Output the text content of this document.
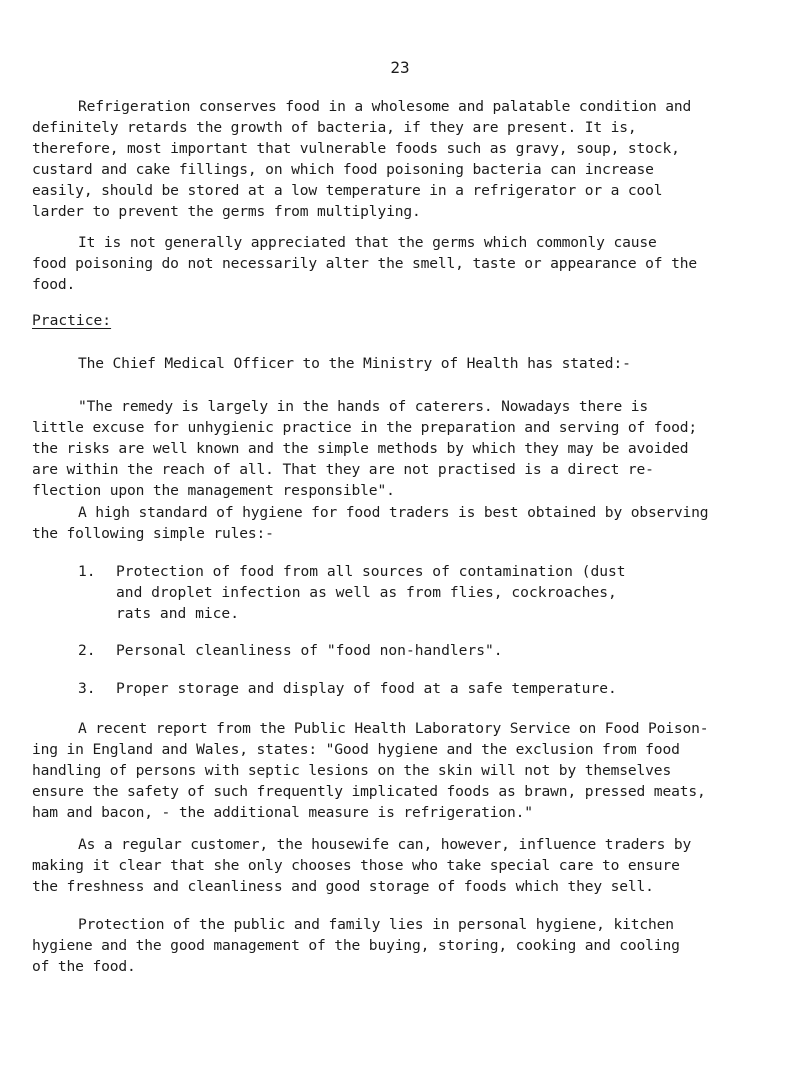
23
Refrigeration conserves food in a wholesome and palatable condition and
definitely retards the growth of bacteria, if they are present. It is,
therefore, most important that vulnerable foods such as gravy, soup, stock,
custard and cake fillings, on which food poisoning bacteria can increase
easily, should be stored at a low temperature in a refrigerator or a cool
larder to prevent the germs from multiplying.
It is not generally appreciated that the germs which commonly cause
food poisoning do not necessarily alter the smell, taste or appearance of the
food.
Practice:
The Chief Medical Officer to the Ministry of Health has stated:-
"The remedy is largely in the hands of caterers. Nowadays there is
little excuse for unhygienic practice in the preparation and serving of food;
the risks are well known and the simple methods by which they may be avoided
are within the reach of all. That they are not practised is a direct re-
flection upon the management responsible".
A high standard of hygiene for food traders is best obtained by observing
the following simple rules:-
1. Protection of food from all sources of contamination (dust
and droplet infection as well as from flies, cockroaches,
rats and mice.
2. Personal cleanliness of "food non-handlers".
3. Proper storage and display of food at a safe temperature.
A recent report from the Public Health Laboratory Service on Food Poison-
ing in England and Wales, states: "Good hygiene and the exclusion from food
handling of persons with septic lesions on the skin will not by themselves
ensure the safety of such frequently implicated foods as brawn, pressed meats,
ham and bacon, - the additional measure is refrigeration."
As a regular customer, the housewife can, however, influence traders by
making it clear that she only chooses those who take special care to ensure
the freshness and cleanliness and good storage of foods which they sell.
Protection of the public and family lies in personal hygiene, kitchen
hygiene and the good management of the buying, storing, cooking and cooling
of the food.
